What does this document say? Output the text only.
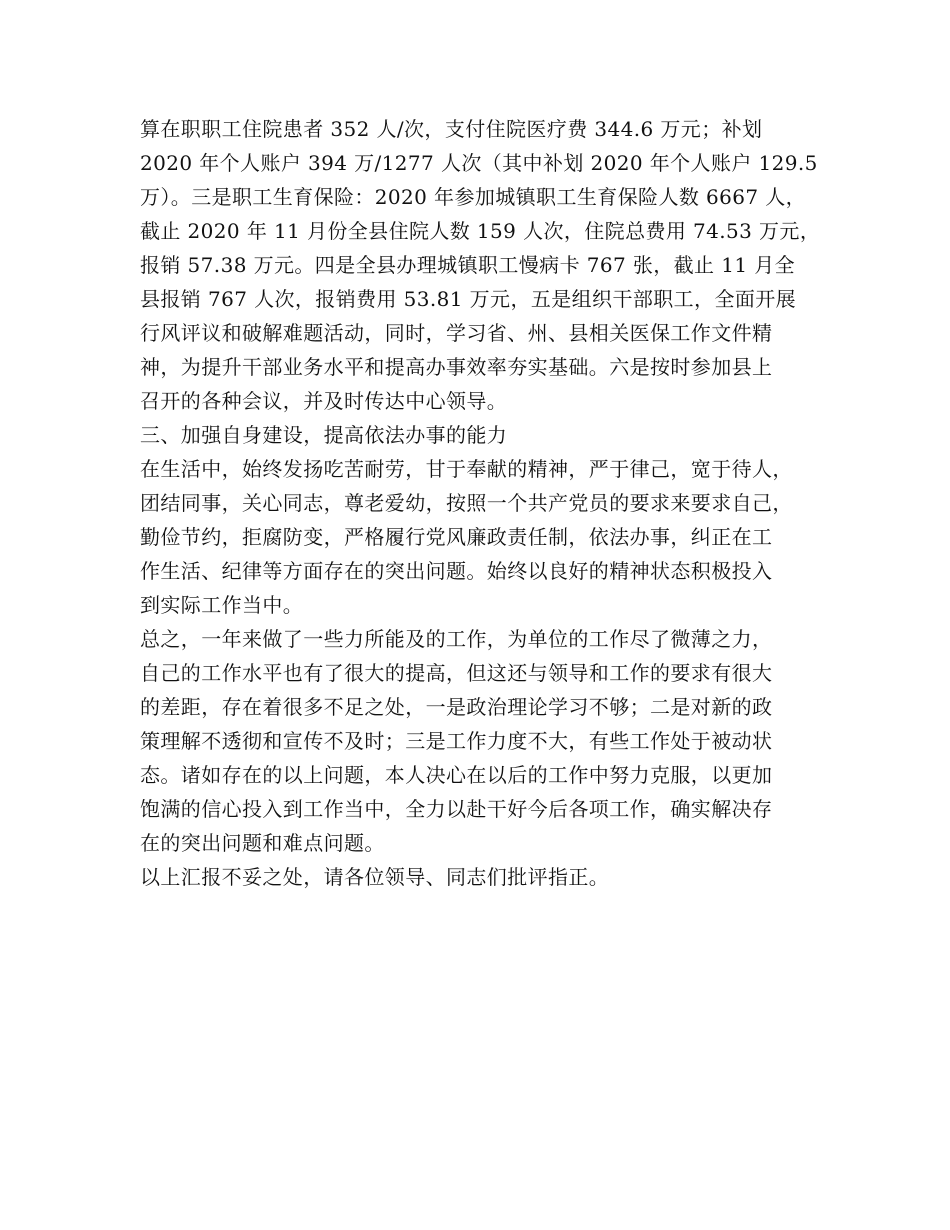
算在职职工住院患者 352 人/次，支付住院医疗费 344.6 万元；补划
2020 年个人账户 394 万/1277 人次（其中补划 2020 年个人账户 129.5
万）。三是职工生育保险：2020 年参加城镇职工生育保险人数 6667 人，
截止 2020 年 11 月份全县住院人数 159 人次，住院总费用 74.53 万元，
报销 57.38 万元。四是全县办理城镇职工慢病卡 767 张，截止 11 月全
县报销 767 人次，报销费用 53.81 万元，五是组织干部职工，全面开展
行风评议和破解难题活动，同时，学习省、州、县相关医保工作文件精
神，为提升干部业务水平和提高办事效率夯实基础。六是按时参加县上
召开的各种会议，并及时传达中心领导。
三、加强自身建设，提高依法办事的能力
在生活中，始终发扬吃苦耐劳，甘于奉献的精神，严于律己，宽于待人，
团结同事，关心同志，尊老爱幼，按照一个共产党员的要求来要求自己，
勤俭节约，拒腐防变，严格履行党风廉政责任制，依法办事，纠正在工
作生活、纪律等方面存在的突出问题。始终以良好的精神状态积极投入
到实际工作当中。
总之，一年来做了一些力所能及的工作，为单位的工作尽了微薄之力，
自己的工作水平也有了很大的提高，但这还与领导和工作的要求有很大
的差距，存在着很多不足之处，一是政治理论学习不够；二是对新的政
策理解不透彻和宣传不及时；三是工作力度不大，有些工作处于被动状
态。诸如存在的以上问题，本人决心在以后的工作中努力克服，以更加
饱满的信心投入到工作当中，全力以赴干好今后各项工作，确实解决存
在的突出问题和难点问题。
以上汇报不妥之处，请各位领导、同志们批评指正。
